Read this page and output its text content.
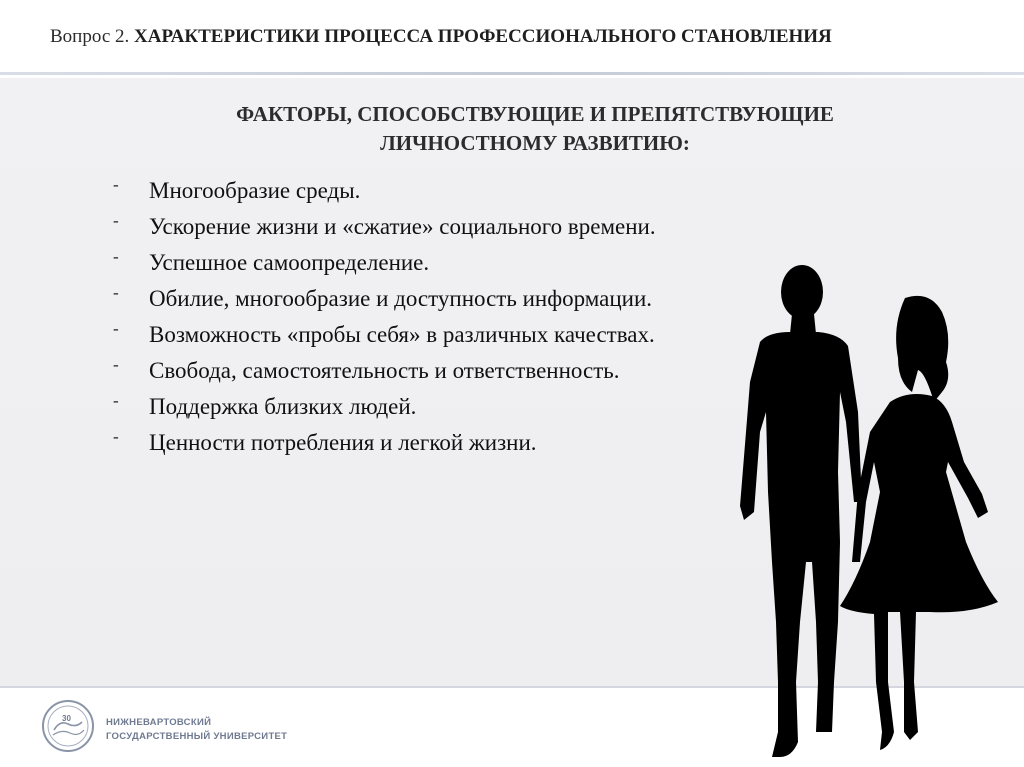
Вопрос 2. ХАРАКТЕРИСТИКИ ПРОЦЕССА ПРОФЕССИОНАЛЬНОГО СТАНОВЛЕНИЯ
ФАКТОРЫ, СПОСОБСТВУЮЩИЕ И ПРЕПЯТСТВУЮЩИЕ
ЛИЧНОСТНОМУ РАЗВИТИЮ:
- Многообразие среды.
- Ускорение жизни и «сжатие» социального времени.
- Успешное самоопределение.
- Обилие, многообразие и доступность информации.
- Возможность «пробы себя» в различных качествах.
- Свобода, самостоятельность и ответственность.
- Поддержка близких людей.
- Ценности потребления и легкой жизни.
30	НИЖНЕВАРТОВСКИЙ
ГОСУДАРСТВЕННЫЙ УНИВЕРСИТЕТ
